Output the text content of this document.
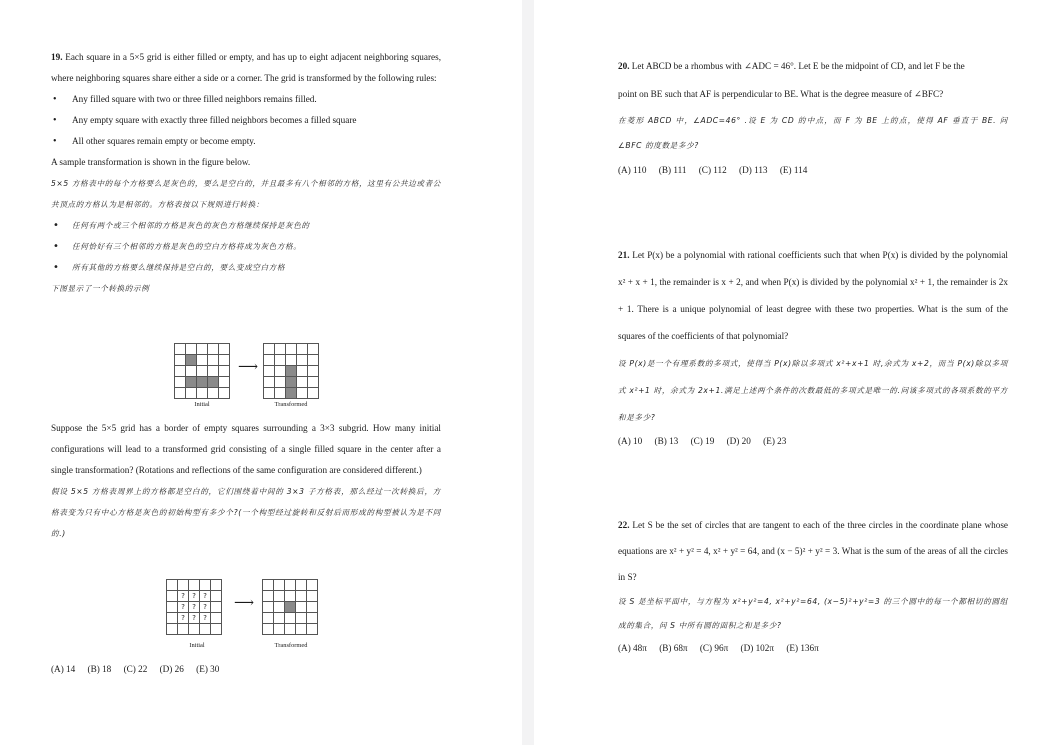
19. Each square in a 5×5 grid is either filled or empty, and has up to eight adjacent neighboring squares, where neighboring squares share either a side or a corner. The grid is transformed by the following rules:

• Any filled square with two or three filled neighbors remains filled.
• Any empty square with exactly three filled neighbors becomes a filled square
• All other squares remain empty or become empty.

A sample transformation is shown in the figure below.

5×5 方格表中的每个方格要么是灰色的，要么是空白的，并且最多有八个相邻的方格，这里有公共边或者公共顶点的方格认为是相邻的。方格表按以下规则进行转换：

• 任何有两个或三个相邻的方格是灰色的灰色方格继续保持是灰色的
• 任何恰好有三个相邻的方格是灰色的空白方格将成为灰色方格。
• 所有其他的方格要么继续保持是空白的，要么变成空白方格

下图显示了一个转换的示例

⟶

Initial	Transformed

Suppose the 5×5 grid has a border of empty squares surrounding a 3×3 subgrid. How many initial configurations will lead to a transformed grid consisting of a single filled square in the center after a single transformation? (Rotations and reflections of the same configuration are considered different.)

假设 5×5 方格表周界上的方格都是空白的，它们围绕着中间的 3×3 子方格表，那么经过一次转换后，方格表变为只有中心方格是灰色的初始构型有多少个?(一个构型经过旋转和反射后而形成的构型被认为是不同的.)

	?	?	?	
	?	?	?	
	?	?	?	

⟶

Initial	Transformed
(A) 14 (B) 18 (C) 22 (D) 26 (E) 30

20. Let ABCD be a rhombus with ∠ADC = 46°. Let E be the midpoint of CD, and let F be the

point on BE such that AF is perpendicular to BE. What is the degree measure of ∠BFC?

在菱形 ABCD 中，∠ADC=46° .设 E 为 CD 的中点，而 F 为 BE 上的点，使得 AF 垂直于 BE. 问 ∠BFC 的度数是多少?

(A) 110 (B) 111 (C) 112 (D) 113 (E) 114

21. Let P(x) be a polynomial with rational coefficients such that when P(x) is divided by the polynomial x² + x + 1, the remainder is x + 2, and when P(x) is divided by the polynomial x² + 1, the remainder is 2x + 1. There is a unique polynomial of least degree with these two properties. What is the sum of the squares of the coefficients of that polynomial?

设 P(x)是一个有理系数的多项式，使得当 P(x)除以多项式 x²+x+1 时,余式为 x+2，而当 P(x)除以多项式 x²+1 时，余式为 2x+1.满足上述两个条件的次数最低的多项式是唯一的.问该多项式的各项系数的平方和是多少?

(A) 10 (B) 13 (C) 19 (D) 20 (E) 23

22. Let S be the set of circles that are tangent to each of the three circles in the coordinate plane whose equations are x² + y² = 4, x² + y² = 64, and (x − 5)² + y² = 3. What is the sum of the areas of all the circles in S?

设 S 是坐标平面中，与方程为 x²+y²=4, x²+y²=64, (x−5)²+y²=3 的三个圆中的每一个都相切的圆组成的集合，问 S 中所有圆的面积之和是多少?

(A) 48π (B) 68π (C) 96π (D) 102π (E) 136π
